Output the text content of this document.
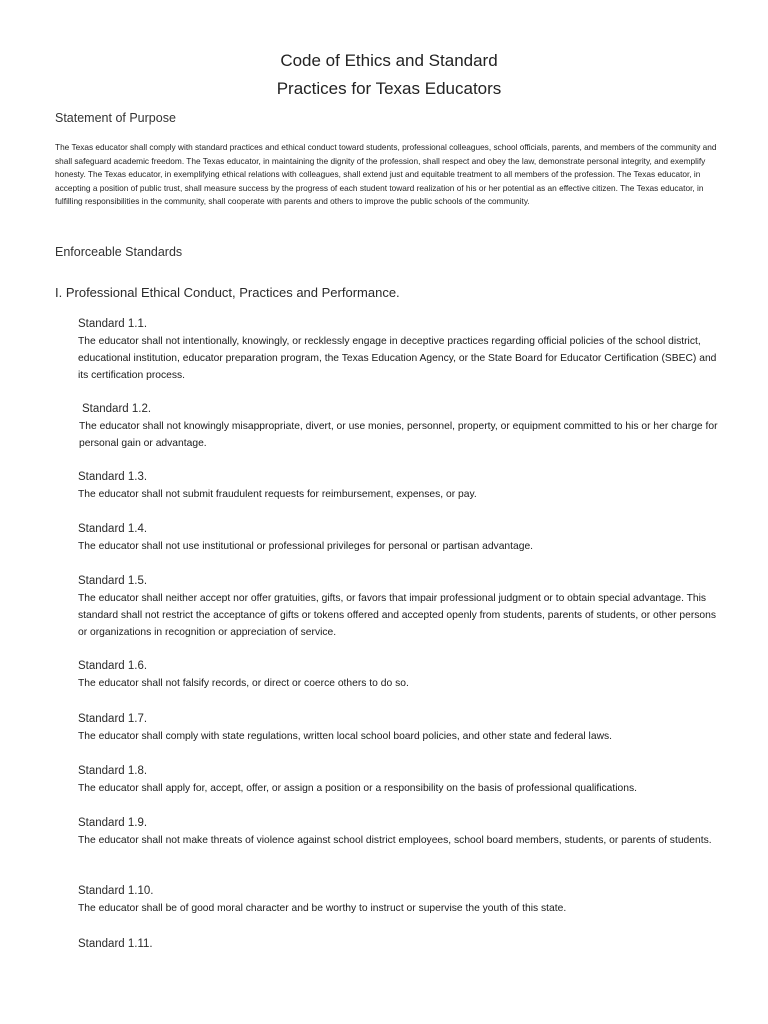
Code of Ethics and Standard
Practices for Texas Educators
Statement of Purpose
The Texas educator shall comply with standard practices and ethical conduct toward students, professional colleagues, school officials, parents, and members of the community and shall safeguard academic freedom. The Texas educator, in maintaining the dignity of the profession, shall respect and obey the law, demonstrate personal integrity, and exemplify honesty. The Texas educator, in exemplifying ethical relations with colleagues, shall extend just and equitable treatment to all members of the profession. The Texas educator, in accepting a position of public trust, shall measure success by the progress of each student toward realization of his or her potential as an effective citizen. The Texas educator, in fulfilling responsibilities in the community, shall cooperate with parents and others to improve the public schools of the community.
Enforceable Standards
I. Professional Ethical Conduct, Practices and Performance.
Standard 1.1.
The educator shall not intentionally, knowingly, or recklessly engage in deceptive practices regarding official policies of the school district, educational institution, educator preparation program, the Texas Education Agency, or the State Board for Educator Certification (SBEC) and its certification process.
Standard 1.2.
The educator shall not knowingly misappropriate, divert, or use monies, personnel, property, or equipment committed to his or her charge for personal gain or advantage.
Standard 1.3.
The educator shall not submit fraudulent requests for reimbursement, expenses, or pay.
Standard 1.4.
The educator shall not use institutional or professional privileges for personal or partisan advantage.
Standard 1.5.
The educator shall neither accept nor offer gratuities, gifts, or favors that impair professional judgment or to obtain special advantage. This standard shall not restrict the acceptance of gifts or tokens offered and accepted openly from students, parents of students, or other persons or organizations in recognition or appreciation of service.
Standard 1.6.
The educator shall not falsify records, or direct or coerce others to do so.
Standard 1.7.
The educator shall comply with state regulations, written local school board policies, and other state and federal laws.
Standard 1.8.
The educator shall apply for, accept, offer, or assign a position or a responsibility on the basis of professional qualifications.
Standard 1.9.
The educator shall not make threats of violence against school district employees, school board members, students, or parents of students.
Standard 1.10.
The educator shall be of good moral character and be worthy to instruct or supervise the youth of this state.
Standard 1.11.
